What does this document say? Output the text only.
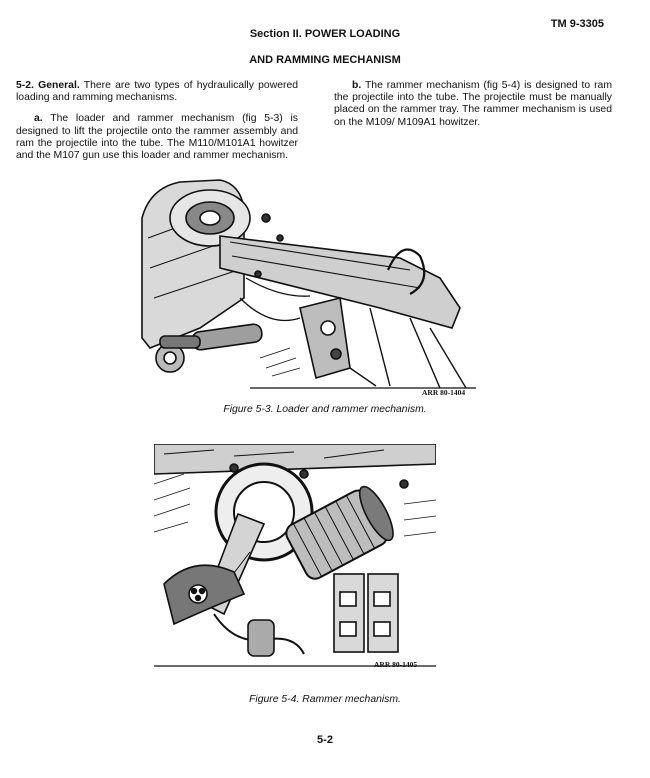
TM 9-3305
Section II. POWER LOADING
AND RAMMING MECHANISM

5-2. General. There are two types of hydraulically powered loading and ramming mechanisms.

a. The loader and rammer mechanism (fig 5-3) is designed to lift the projectile onto the rammer assembly and ram the projectile into the tube. The M110/M101A1 howitzer and the M107 gun use this loader and rammer mechanism.

b. The rammer mechanism (fig 5-4) is designed to ram the projectile into the tube. The projectile must be manually placed on the rammer tray. The rammer mechanism is used on the M109/ M109A1 howitzer.

ARR 80-1404
Figure 5-3. Loader and rammer mechanism.
ARR 80-1405
Figure 5-4. Rammer mechanism.
5-2
